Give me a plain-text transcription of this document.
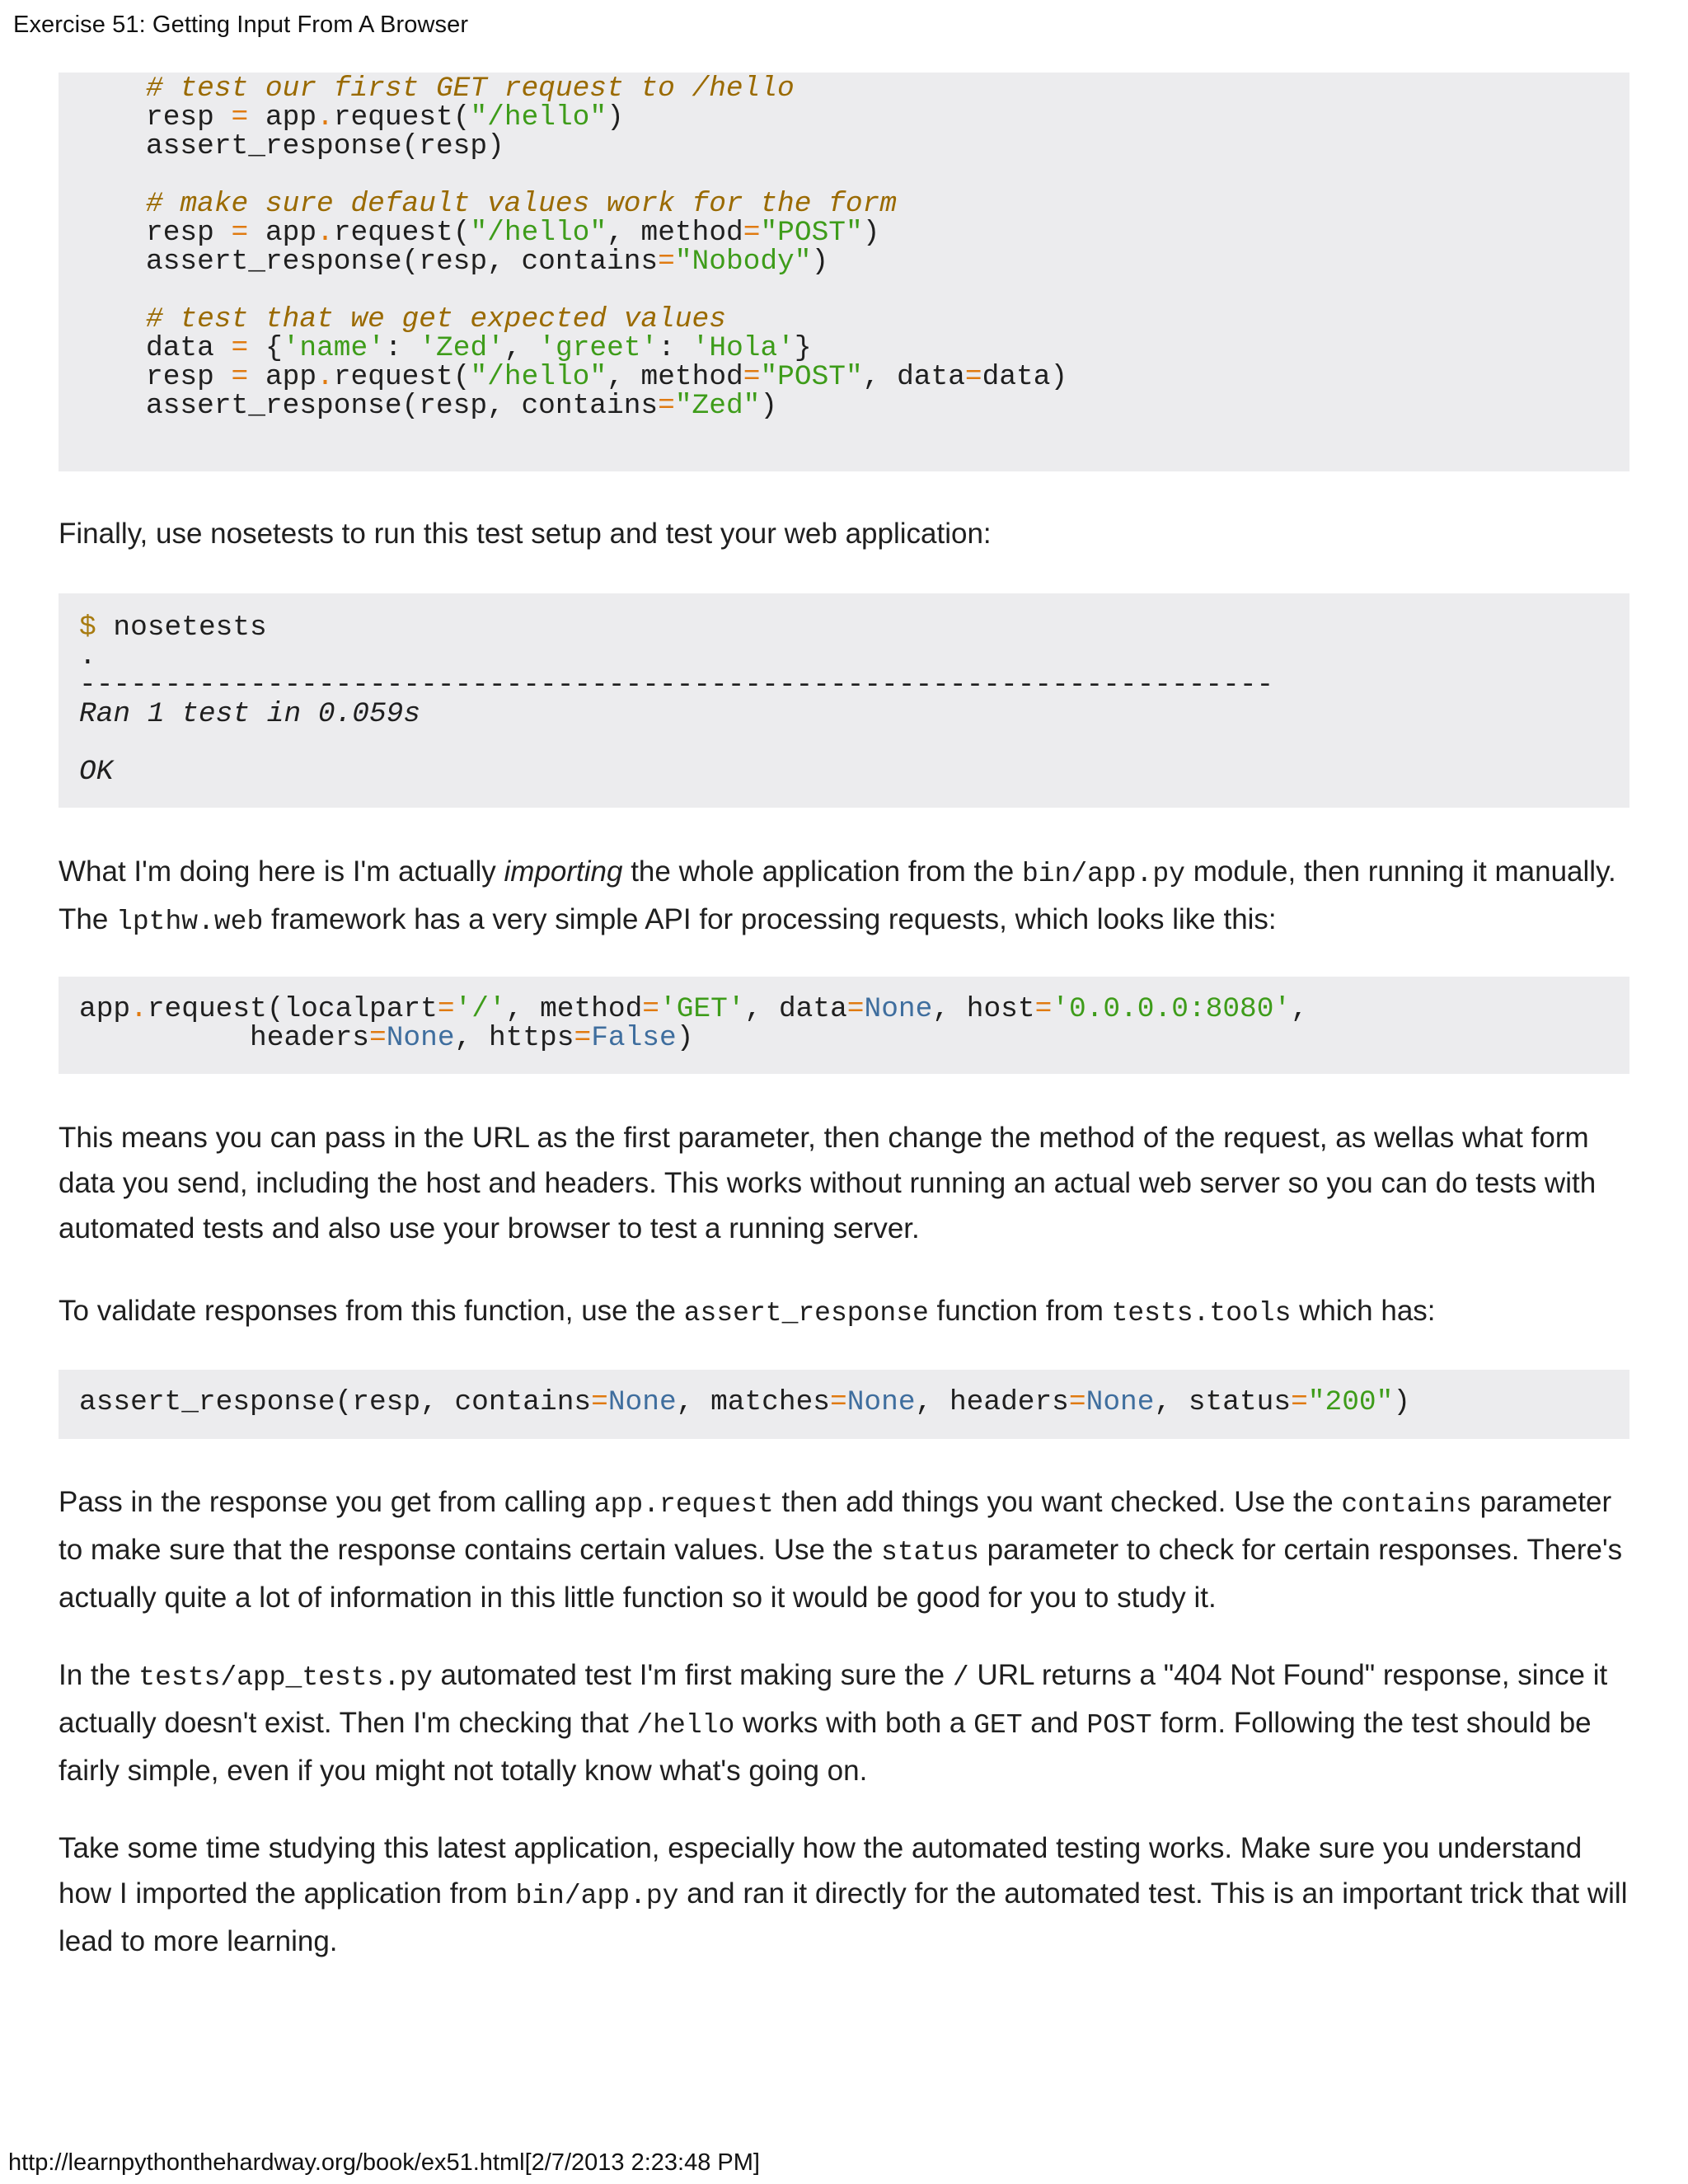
Exercise 51: Getting Input From A Browser
# test our first GET request to /hello
resp = app.request("/hello")
assert_response(resp)

# make sure default values work for the form
resp = app.request("/hello", method="POST")
assert_response(resp, contains="Nobody")

# test that we get expected values
data = {'name': 'Zed', 'greet': 'Hola'}
resp = app.request("/hello", method="POST", data=data)
assert_response(resp, contains="Zed")
Finally, use nosetests to run this test setup and test your web application:
$ nosetests
.
----------------------------------------------------------------------
Ran 1 test in 0.059s

OK
What I'm doing here is I'm actually importing the whole application from the bin/app.py module, then running it manually. The lpthw.web framework has a very simple API for processing requests, which looks like this:
app.request(localpart='/', method='GET', data=None, host='0.0.0.0:8080',
headers=None, https=False)
This means you can pass in the URL as the first parameter, then change the method of the request, as wellas what form data you send, including the host and headers. This works without running an actual web server so you can do tests with automated tests and also use your browser to test a running server.
To validate responses from this function, use the assert_response function from tests.tools which has:
assert_response(resp, contains=None, matches=None, headers=None, status="200")
Pass in the response you get from calling app.request then add things you want checked. Use the contains parameter to make sure that the response contains certain values. Use the status parameter to check for certain responses. There's actually quite a lot of information in this little function so it would be good for you to study it.
In the tests/app_tests.py automated test I'm first making sure the / URL returns a "404 Not Found" response, since it actually doesn't exist. Then I'm checking that /hello works with both a GET and POST form. Following the test should be fairly simple, even if you might not totally know what's going on.
Take some time studying this latest application, especially how the automated testing works. Make sure you understand how I imported the application from bin/app.py and ran it directly for the automated test. This is an important trick that will lead to more learning.
http://learnpythonthehardway.org/book/ex51.html[2/7/2013 2:23:48 PM]
